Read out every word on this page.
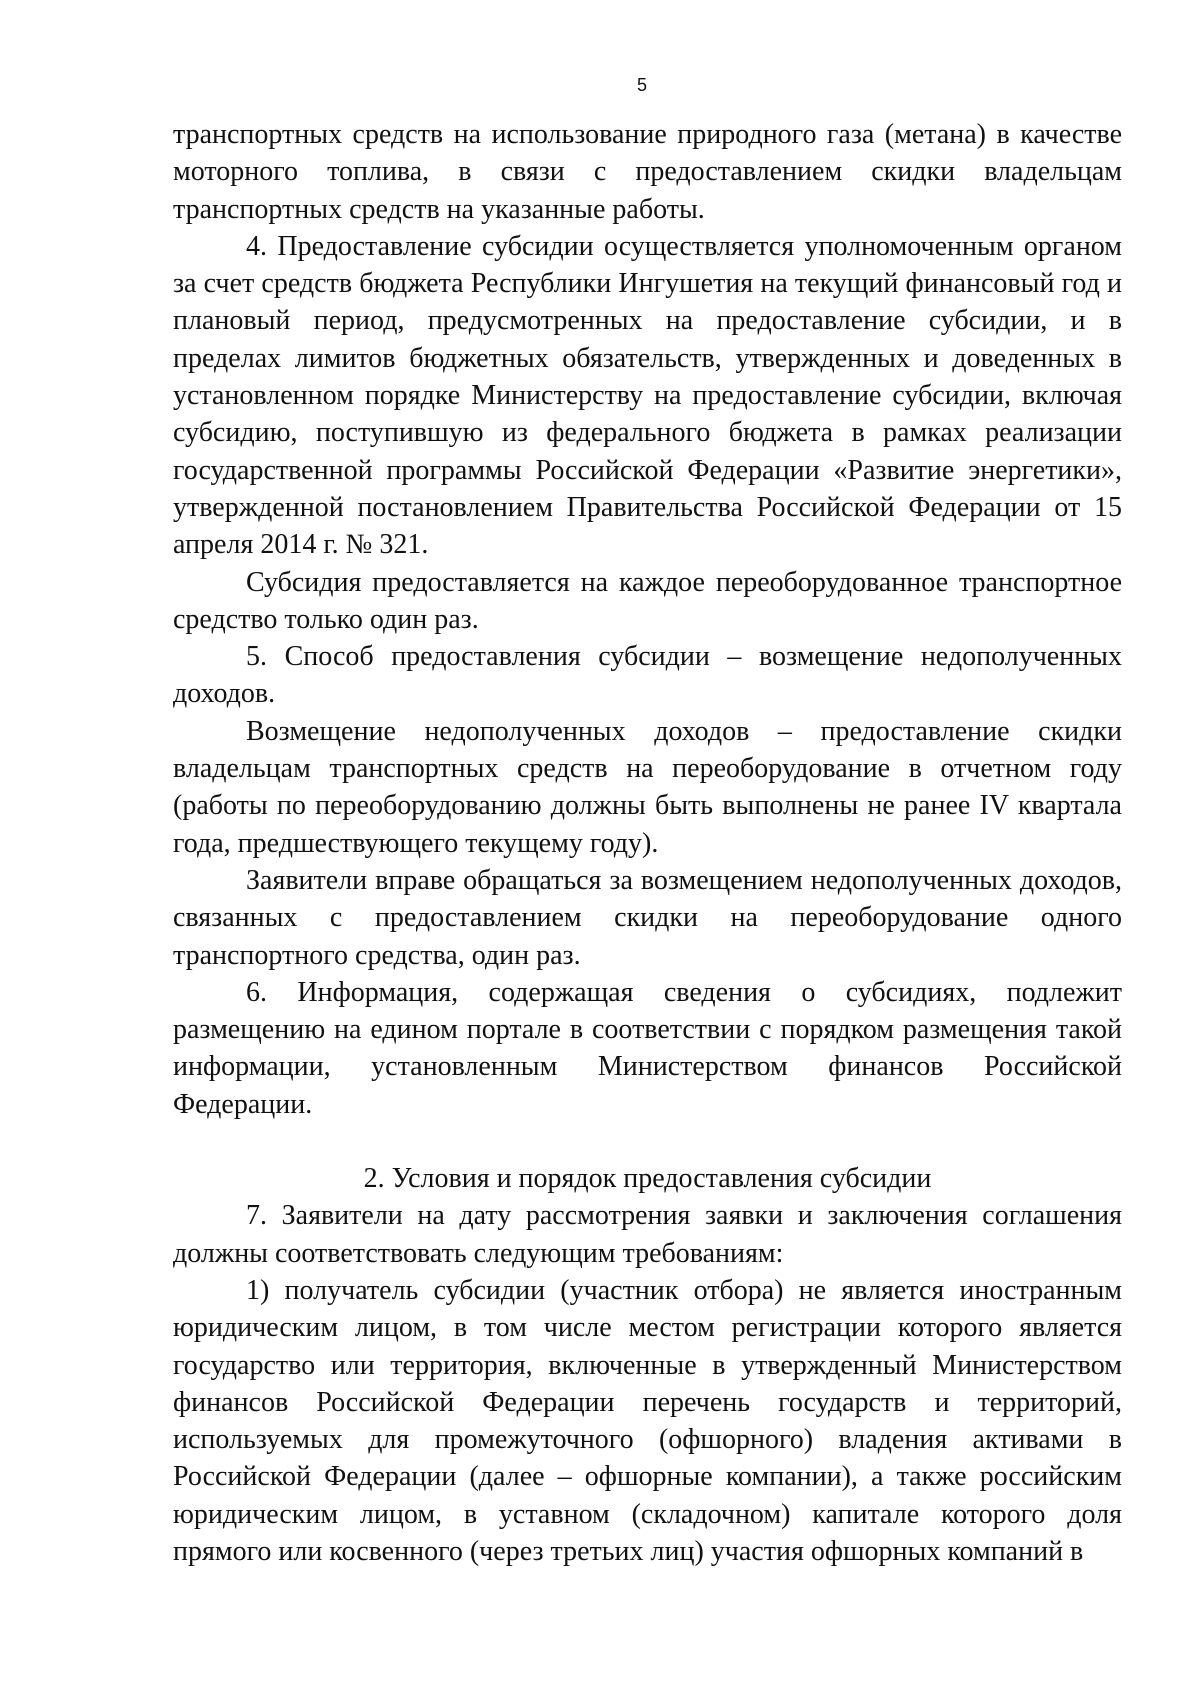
5

транспортных средств на использование природного газа (метана) в качестве моторного топлива, в связи с предоставлением скидки владельцам транспортных средств на указанные работы.

4. Предоставление субсидии осуществляется уполномоченным органом за счет средств бюджета Республики Ингушетия на текущий финансовый год и плановый период, предусмотренных на предоставление субсидии, и в пределах лимитов бюджетных обязательств, утвержденных и доведенных в установленном порядке Министерству на предоставление субсидии, включая субсидию, поступившую из федерального бюджета в рамках реализации государственной программы Российской Федерации «Развитие энергетики», утвержденной постановлением Правительства Российской Федерации от 15 апреля 2014 г. № 321.

Субсидия предоставляется на каждое переоборудованное транспортное средство только один раз.

5. Способ предоставления субсидии – возмещение недополученных доходов.

Возмещение недополученных доходов – предоставление скидки владельцам транспортных средств на переоборудование в отчетном году (работы по переоборудованию должны быть выполнены не ранее IV квартала года, предшествующего текущему году).

Заявители вправе обращаться за возмещением недополученных доходов, связанных с предоставлением скидки на переоборудование одного транспортного средства, один раз.

6. Информация, содержащая сведения о субсидиях, подлежит размещению на едином портале в соответствии с порядком размещения такой информации, установленным Министерством финансов Российской Федерации.

2. Условия и порядок предоставления субсидии

7. Заявители на дату рассмотрения заявки и заключения соглашения должны соответствовать следующим требованиям:

1) получатель субсидии (участник отбора) не является иностранным юридическим лицом, в том числе местом регистрации которого является государство или территория, включенные в утвержденный Министерством финансов Российской Федерации перечень государств и территорий, используемых для промежуточного (офшорного) владения активами в Российской Федерации (далее – офшорные компании), а также российским юридическим лицом, в уставном (складочном) капитале которого доля прямого или косвенного (через третьих лиц) участия офшорных компаний в
